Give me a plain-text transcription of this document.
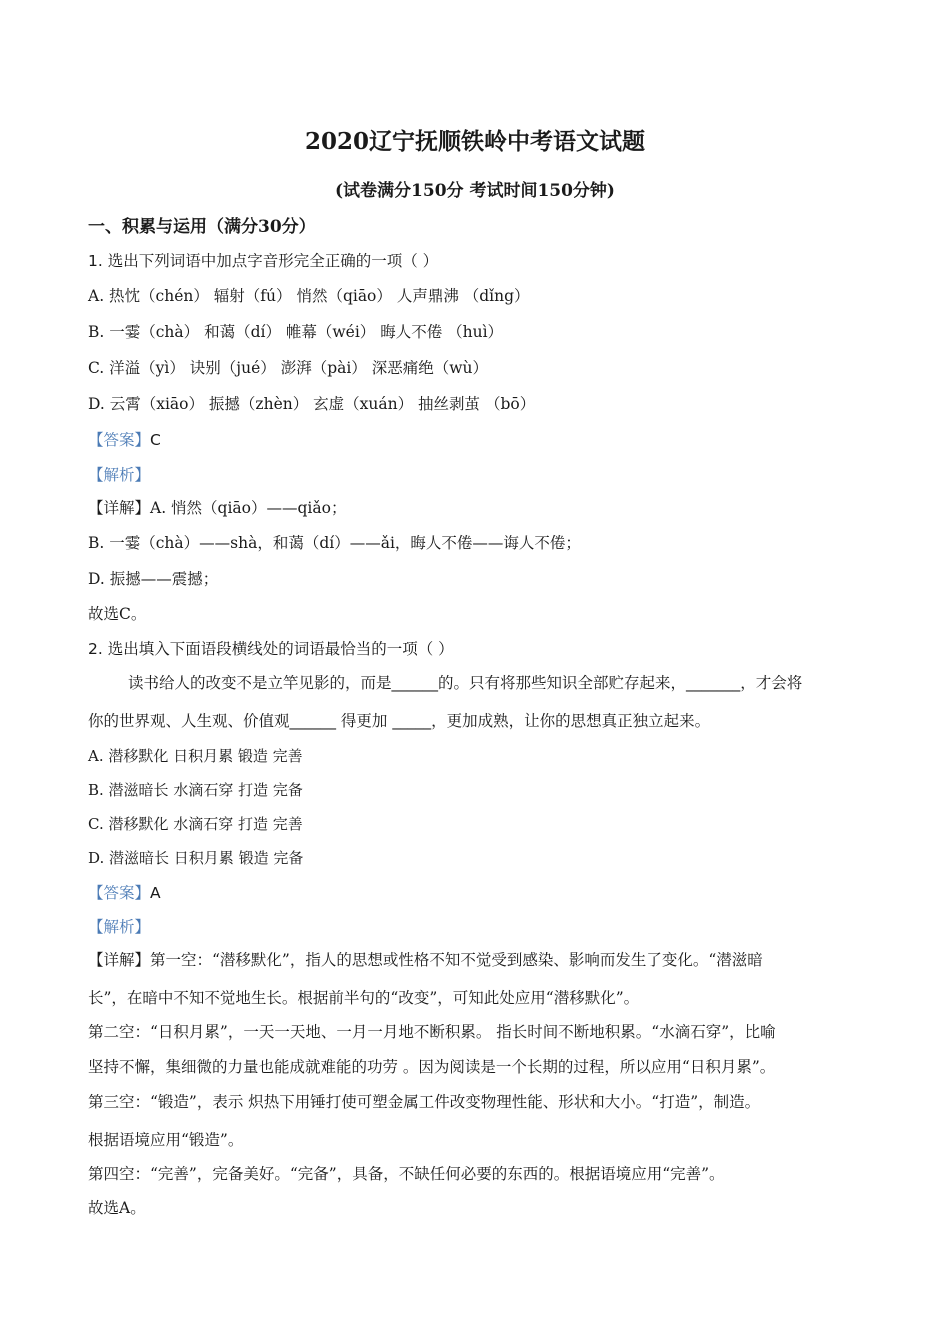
2020辽宁抚顺铁岭中考语文试题
(试卷满分150分 考试时间150分钟)
一、积累与运用（满分30分）
1. 选出下列词语中加点字音形完全正确的一项（ ）
A. 热忱（chén） 辐射（fú） 悄然（qiāo） 人声鼎沸 （dǐng）
B. 一霎（chà） 和蔼（dí） 帷幕（wéi） 晦人不倦 （huì）
C. 洋溢（yì） 诀别（jué） 澎湃（pài） 深恶痛绝（wù）
D. 云霄（xiāo） 振撼（zhèn） 玄虚（xuán） 抽丝剥茧 （bō）
【答案】C
【解析】
【详解】A. 悄然（qiāo）——qiǎo；
B. 一霎（chà）——shà，和蔼（dí）——ǎi，晦人不倦——诲人不倦；
D. 振撼——震撼；
故选C。
2. 选出填入下面语段横线处的词语最恰当的一项（ ）
读书给人的改变不是立竿见影的，而是______的。只有将那些知识全部贮存起来，_______，才会将
你的世界观、人生观、价值观______ 得更加 _____，更加成熟，让你的思想真正独立起来。
A. 潜移默化 日积月累 锻造 完善
B. 潜滋暗长 水滴石穿 打造 完备
C. 潜移默化 水滴石穿 打造 完善
D. 潜滋暗长 日积月累 锻造 完备
【答案】A
【解析】
【详解】第一空：“潜移默化”，指人的思想或性格不知不觉受到感染、影响而发生了变化。“潜滋暗
长”，在暗中不知不觉地生长。根据前半句的“改变”，可知此处应用“潜移默化”。
第二空：“日积月累”，一天一天地、一月一月地不断积累。 指长时间不断地积累。“水滴石穿”，比喻
坚持不懈，集细微的力量也能成就难能的功劳 。因为阅读是一个长期的过程，所以应用“日积月累”。
第三空：“锻造”，表示 炽热下用锤打使可塑金属工件改变物理性能、形状和大小。“打造”，制造。
根据语境应用“锻造”。
第四空：“完善”，完备美好。“完备”，具备，不缺任何必要的东西的。根据语境应用“完善”。
故选A。
